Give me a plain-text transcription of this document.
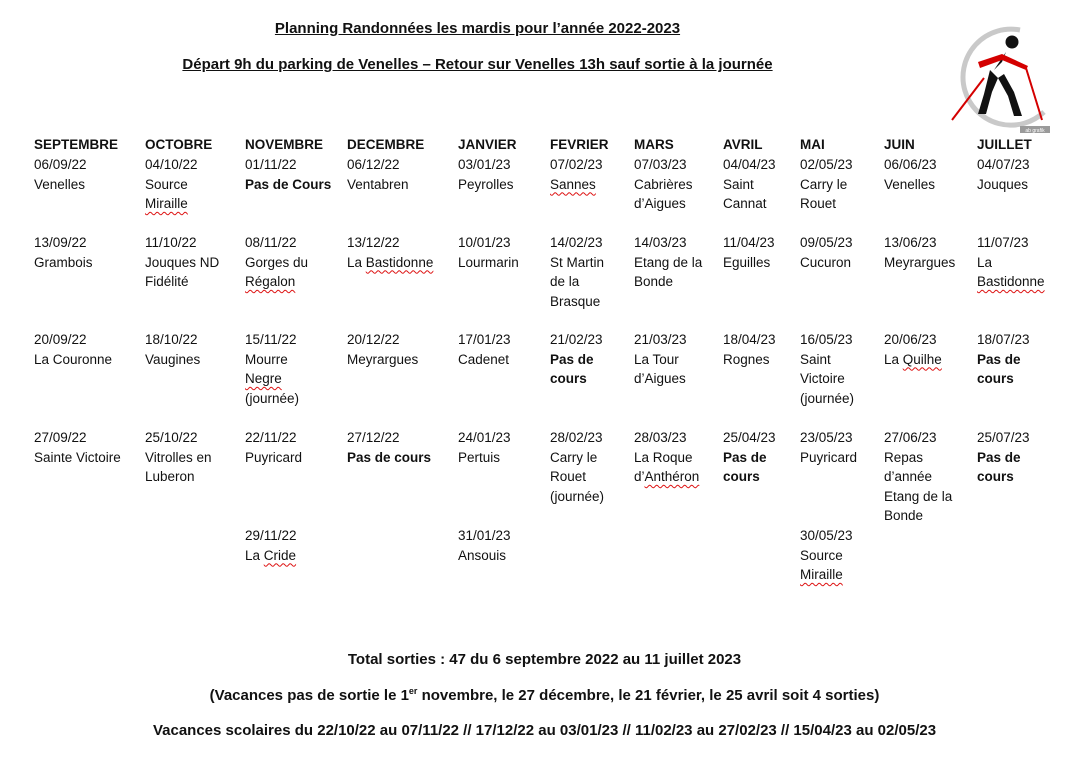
Planning Randonnées les mardis pour l’année 2022-2023
Départ 9h du parking de Venelles – Retour sur Venelles 13h sauf sortie à la journée
ab grafik
SEPTEMBRE
06/09/22
Venelles
13/09/22
Grambois
20/09/22
La Couronne
27/09/22
Sainte Victoire
OCTOBRE
04/10/22
Source
Miraille
11/10/22
Jouques ND
Fidélité
18/10/22
Vaugines
25/10/22
Vitrolles en
Luberon
NOVEMBRE
01/11/22
Pas de Cours
08/11/22
Gorges du
Régalon
15/11/22
Mourre
Negre
(journée)
22/11/22
Puyricard
29/11/22
La Cride
DECEMBRE
06/12/22
Ventabren
13/12/22
La Bastidonne
20/12/22
Meyrargues
27/12/22
Pas de cours
JANVIER
03/01/23
Peyrolles
10/01/23
Lourmarin
17/01/23
Cadenet
24/01/23
Pertuis
31/01/23
Ansouis
FEVRIER
07/02/23
Sannes
14/02/23
St Martin
de la
Brasque
21/02/23
Pas de
cours
28/02/23
Carry le
Rouet
(journée)
MARS
07/03/23
Cabrières
d’Aigues
14/03/23
Etang de la
Bonde
21/03/23
La Tour
d’Aigues
28/03/23
La Roque
d’Anthéron
AVRIL
04/04/23
Saint
Cannat
11/04/23
Eguilles
18/04/23
Rognes
25/04/23
Pas de
cours
MAI
02/05/23
Carry le
Rouet
09/05/23
Cucuron
16/05/23
Saint
Victoire
(journée)
23/05/23
Puyricard
30/05/23
Source
Miraille
JUIN
06/06/23
Venelles
13/06/23
Meyrargues
20/06/23
La Quilhe
27/06/23
Repas
d’année
Etang de la
Bonde
JUILLET
04/07/23
Jouques
11/07/23
La
Bastidonne
18/07/23
Pas de
cours
25/07/23
Pas de
cours
Total sorties : 47 du 6 septembre 2022 au 11 juillet 2023
(Vacances pas de sortie le 1er novembre, le 27 décembre, le 21 février, le 25 avril soit 4 sorties)
Vacances scolaires du 22/10/22 au 07/11/22 // 17/12/22 au 03/01/23 // 11/02/23 au 27/02/23 // 15/04/23 au 02/05/23
